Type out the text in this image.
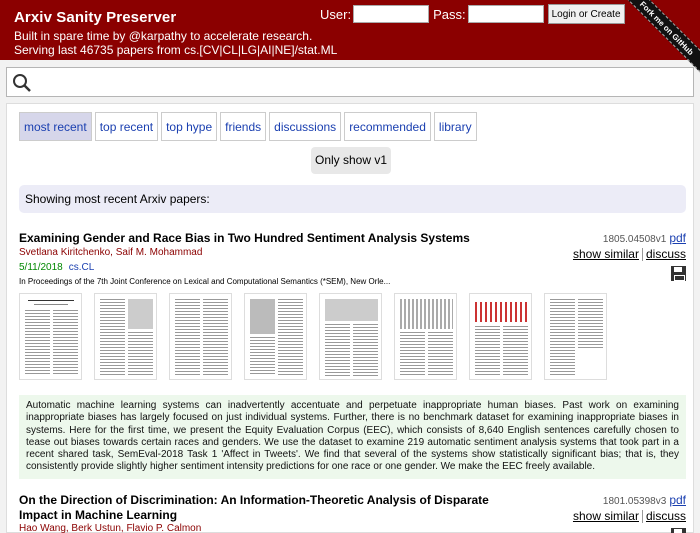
Arxiv Sanity Preserver
Built in spare time by @karpathy to accelerate research.
Serving last 46735 papers from cs.[CV|CL|LG|AI|NE]/stat.ML
User:	Pass:	Login or Create	Fork me on GitHub
most recent	top recent	top hype	friends	discussions	recommended	library
Only show v1
Showing most recent Arxiv papers:
Examining Gender and Race Bias in Two Hundred Sentiment Analysis Systems
Svetlana Kiritchenko, Saif M. Mohammad
5/11/2018 cs.CL
In Proceedings of the 7th Joint Conference on Lexical and Computational Semantics (*SEM), New Orle...
1805.04508v1 pdf
show similar discuss
Automatic machine learning systems can inadvertently accentuate and perpetuate inappropriate human biases. Past work on examining inappropriate biases has largely focused on just individual systems. Further, there is no benchmark dataset for examining inappropriate biases in systems. Here for the first time, we present the Equity Evaluation Corpus (EEC), which consists of 8,640 English sentences carefully chosen to tease out biases towards certain races and genders. We use the dataset to examine 219 automatic sentiment analysis systems that took part in a recent shared task, SemEval-2018 Task 1 'Affect in Tweets'. We find that several of the systems show statistically significant bias; that is, they consistently provide slightly higher sentiment intensity predictions for one race or one gender. We make the EEC freely available.
On the Direction of Discrimination: An Information-Theoretic Analysis of Disparate Impact in Machine Learning
Hao Wang, Berk Ustun, Flavio P. Calmon
1801.05398v3 pdf
show similar discuss
